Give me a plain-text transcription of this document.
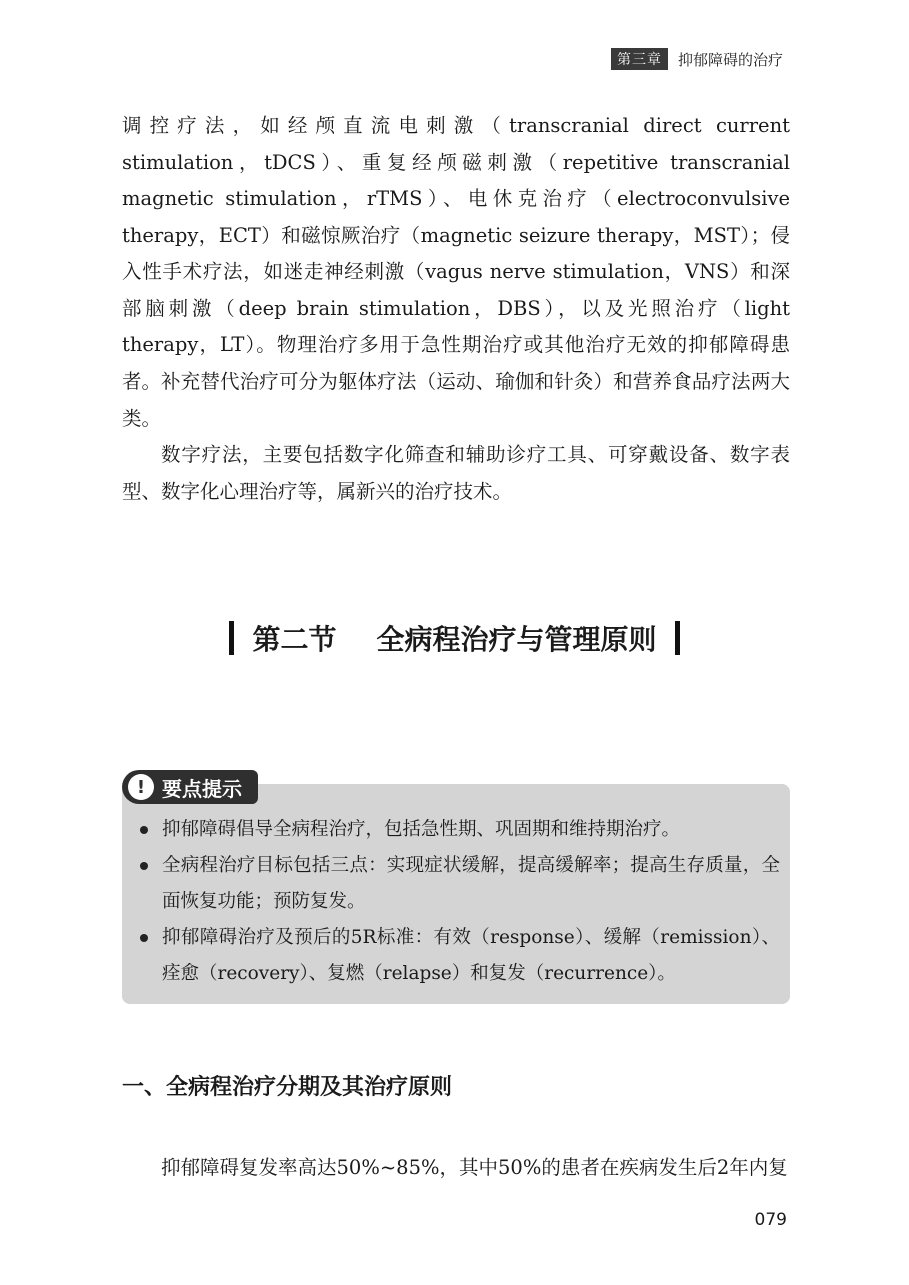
第三章	抑郁障碍的治疗

调控疗法，如经颅直流电刺激（transcranial direct current stimulation，tDCS）、重复经颅磁刺激（repetitive transcranial magnetic stimulation，rTMS）、电休克治疗（electroconvulsive therapy，ECT）和磁惊厥治疗（magnetic seizure therapy，MST）；侵入性手术疗法，如迷走神经刺激（vagus nerve stimulation，VNS）和深部脑刺激（deep brain stimulation，DBS），以及光照治疗（light therapy，LT）。物理治疗多用于急性期治疗或其他治疗无效的抑郁障碍患者。 补充替代治疗可分为躯体疗法（运动、瑜伽和针灸）和营养食品疗法两大类。

数字疗法，主要包括数字化筛查和辅助诊疗工具、可穿戴设备、数字表型、数字化心理治疗等，属新兴的治疗技术。

第二节 全病程治疗与管理原则
! 要点提示
抑郁障碍倡导全病程治疗，包括急性期、巩固期和维持期治疗。
全病程治疗目标包括三点：实现症状缓解，提高缓解率；提高生存质量，全面恢复功能；预防复发。
抑郁障碍治疗及预后的5R标准：有效（response）、缓解（remission）、痊愈（recovery）、复燃（relapse）和复发（recurrence）。
一、全病程治疗分期及其治疗原则

抑郁障碍复发率高达50%~85%，其中50%的患者在疾病发生后2年内复

079
